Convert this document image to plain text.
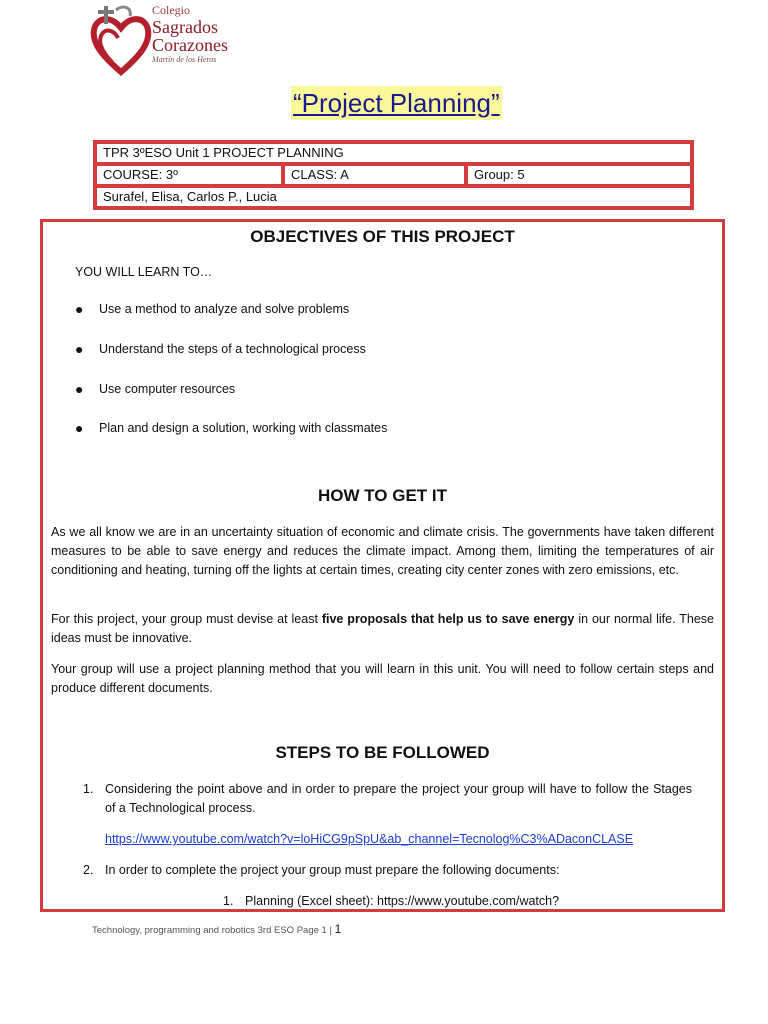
Colegio
Sagrados
Corazones
Martín de los Heros
“Project Planning”
TPR 3ºESO Unit 1 PROJECT PLANNING
COURSE: 3º	CLASS: A	Group: 5
Surafel, Elisa, Carlos P., Lucia
OBJECTIVES OF THIS PROJECT
YOU WILL LEARN TO…
● Use a method to analyze and solve problems
● Understand the steps of a technological process
● Use computer resources
● Plan and design a solution, working with classmates
HOW TO GET IT
As we all know we are in an uncertainty situation of economic and climate crisis. The governments have taken different measures to be able to save energy and reduces the climate impact. Among them, limiting the temperatures of air conditioning and heating, turning off the lights at certain times, creating city center zones with zero emissions, etc.
For this project, your group must devise at least five proposals that help us to save energy in our normal life. These ideas must be innovative.
Your group will use a project planning method that you will learn in this unit. You will need to follow certain steps and produce different documents.
STEPS TO BE FOLLOWED
1. Considering the point above and in order to prepare the project your group will have to follow the Stages of a Technological process.
https://www.youtube.com/watch?v=loHiCG9pSpU&ab_channel=Tecnolog%C3%ADaconCLASE
2. In order to complete the project your group must prepare the following documents:
1. Planning (Excel sheet): https://www.youtube.com/watch?
Technology, programming and robotics 3rd ESO Page 1 | 1
